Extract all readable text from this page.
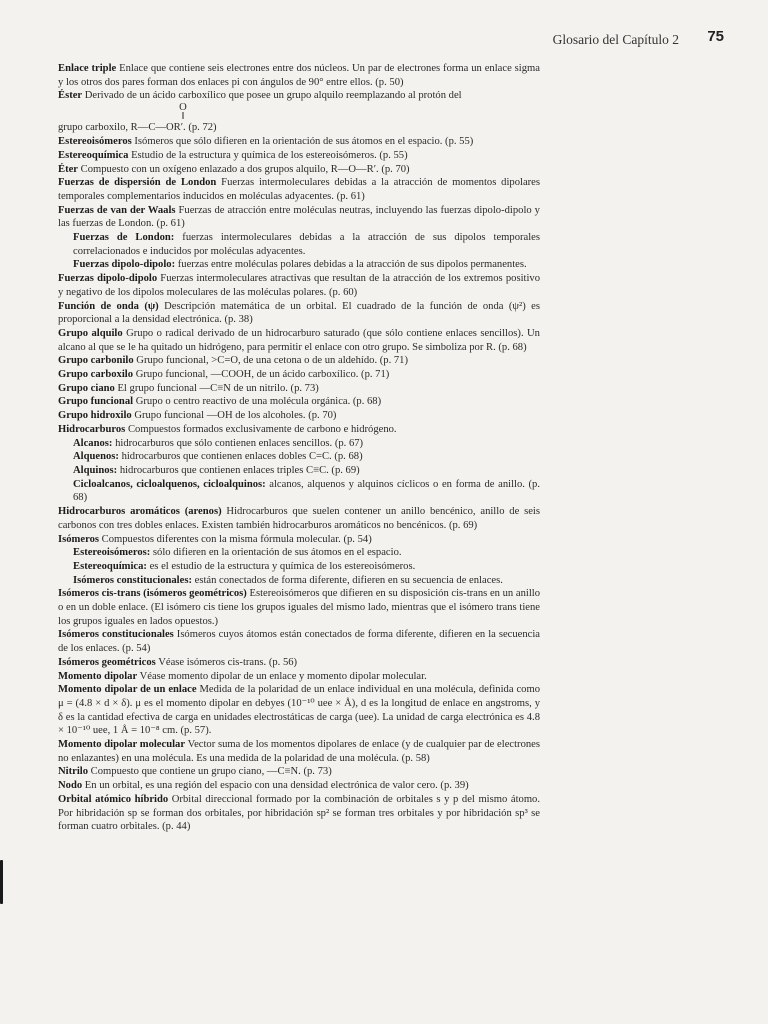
Glosario del Capítulo 2 75

Enlace triple Enlace que contiene seis electrones entre dos núcleos. Un par de electrones forma un enlace sigma y los otros dos pares forman dos enlaces pi con ángulos de 90° entre ellos. (p. 50)

Éster Derivado de un ácido carboxílico que posee un grupo alquilo reemplazando al protón del

O
‖
grupo carboxilo, R—C—OR′. (p. 72)

Estereoisómeros Isómeros que sólo difieren en la orientación de sus átomos en el espacio. (p. 55)

Estereoquímica Estudio de la estructura y química de los estereoisómeros. (p. 55)

Éter Compuesto con un oxígeno enlazado a dos grupos alquilo, R—O—R′. (p. 70)

Fuerzas de dispersión de London Fuerzas intermoleculares debidas a la atracción de momentos dipolares temporales complementarios inducidos en moléculas adyacentes. (p. 61)

Fuerzas de van der Waals Fuerzas de atracción entre moléculas neutras, incluyendo las fuerzas dipolo-dipolo y las fuerzas de London. (p. 61)

Fuerzas de London: fuerzas intermoleculares debidas a la atracción de sus dipolos temporales correlacionados e inducidos por moléculas adyacentes.

Fuerzas dipolo-dipolo: fuerzas entre moléculas polares debidas a la atracción de sus dipolos permanentes.

Fuerzas dipolo-dipolo Fuerzas intermoleculares atractivas que resultan de la atracción de los extremos positivo y negativo de los dipolos moleculares de las moléculas polares. (p. 60)

Función de onda (ψ) Descripción matemática de un orbital. El cuadrado de la función de onda (ψ²) es proporcional a la densidad electrónica. (p. 38)

Grupo alquilo Grupo o radical derivado de un hidrocarburo saturado (que sólo contiene enlaces sencillos). Un alcano al que se le ha quitado un hidrógeno, para permitir el enlace con otro grupo. Se simboliza por R. (p. 68)

Grupo carbonilo Grupo funcional, >C=O, de una cetona o de un aldehído. (p. 71)

Grupo carboxilo Grupo funcional, —COOH, de un ácido carboxílico. (p. 71)

Grupo ciano El grupo funcional —C≡N de un nitrilo. (p. 73)

Grupo funcional Grupo o centro reactivo de una molécula orgánica. (p. 68)

Grupo hidroxilo Grupo funcional —OH de los alcoholes. (p. 70)

Hidrocarburos Compuestos formados exclusivamente de carbono e hidrógeno.

Alcanos: hidrocarburos que sólo contienen enlaces sencillos. (p. 67)

Alquenos: hidrocarburos que contienen enlaces dobles C=C. (p. 68)

Alquinos: hidrocarburos que contienen enlaces triples C≡C. (p. 69)

Cicloalcanos, cicloalquenos, cicloalquinos: alcanos, alquenos y alquinos cíclicos o en forma de anillo. (p. 68)

Hidrocarburos aromáticos (arenos) Hidrocarburos que suelen contener un anillo bencénico, anillo de seis carbonos con tres dobles enlaces. Existen también hidrocarburos aromáticos no bencénicos. (p. 69)

Isómeros Compuestos diferentes con la misma fórmula molecular. (p. 54)

Estereoisómeros: sólo difieren en la orientación de sus átomos en el espacio.

Estereoquímica: es el estudio de la estructura y química de los estereoisómeros.

Isómeros constitucionales: están conectados de forma diferente, difieren en su secuencia de enlaces.

Isómeros cis-trans (isómeros geométricos) Estereoisómeros que difieren en su disposición cis-trans en un anillo o en un doble enlace. (El isómero cis tiene los grupos iguales del mismo lado, mientras que el isómero trans tiene los grupos iguales en lados opuestos.)

Isómeros constitucionales Isómeros cuyos átomos están conectados de forma diferente, difieren en la secuencia de los enlaces. (p. 54)

Isómeros geométricos Véase isómeros cis-trans. (p. 56)

Momento dipolar Véase momento dipolar de un enlace y momento dipolar molecular.

Momento dipolar de un enlace Medida de la polaridad de un enlace individual en una molécula, definida como μ = (4.8 × d × δ). μ es el momento dipolar en debyes (10⁻¹⁰ uee × Å), d es la longitud de enlace en angstroms, y δ es la cantidad efectiva de carga en unidades electrostáticas de carga (uee). La unidad de carga electrónica es 4.8 × 10⁻¹⁰ uee, 1 Å = 10⁻⁸ cm. (p. 57).

Momento dipolar molecular Vector suma de los momentos dipolares de enlace (y de cualquier par de electrones no enlazantes) en una molécula. Es una medida de la polaridad de una molécula. (p. 58)

Nitrilo Compuesto que contiene un grupo ciano, —C≡N. (p. 73)

Nodo En un orbital, es una región del espacio con una densidad electrónica de valor cero. (p. 39)

Orbital atómico híbrido Orbital direccional formado por la combinación de orbitales s y p del mismo átomo. Por hibridación sp se forman dos orbitales, por hibridación sp² se forman tres orbitales y por hibridación sp³ se forman cuatro orbitales. (p. 44)
